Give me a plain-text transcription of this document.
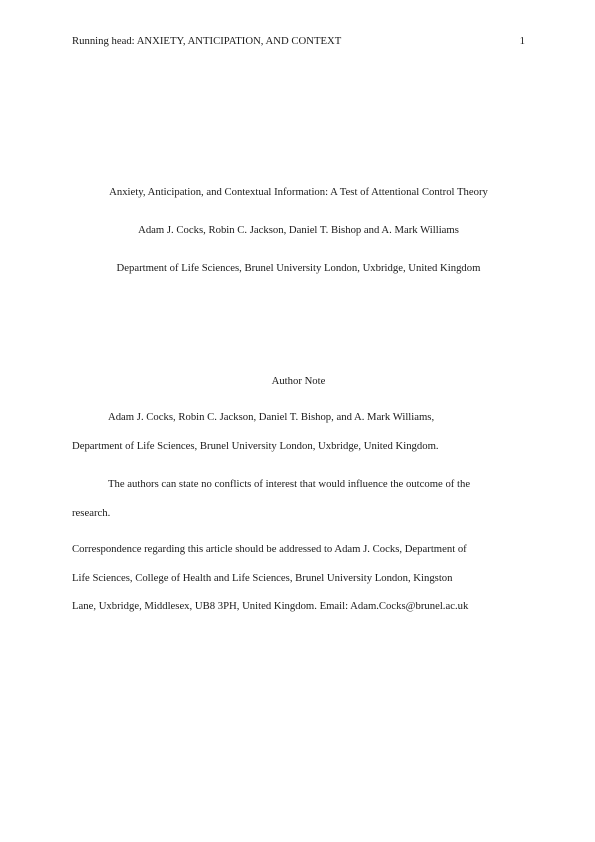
Running head: ANXIETY, ANTICIPATION, AND CONTEXT	1
Anxiety, Anticipation, and Contextual Information: A Test of Attentional Control Theory
Adam J. Cocks, Robin C. Jackson, Daniel T. Bishop and A. Mark Williams
Department of Life Sciences, Brunel University London, Uxbridge, United Kingdom
Author Note
Adam J. Cocks, Robin C. Jackson, Daniel T. Bishop, and A. Mark Williams,
Department of Life Sciences, Brunel University London, Uxbridge, United Kingdom.
The authors can state no conflicts of interest that would influence the outcome of the
research.
Correspondence regarding this article should be addressed to Adam J. Cocks, Department of
Life Sciences, College of Health and Life Sciences, Brunel University London, Kingston
Lane, Uxbridge, Middlesex, UB8 3PH, United Kingdom. Email: Adam.Cocks@brunel.ac.uk
